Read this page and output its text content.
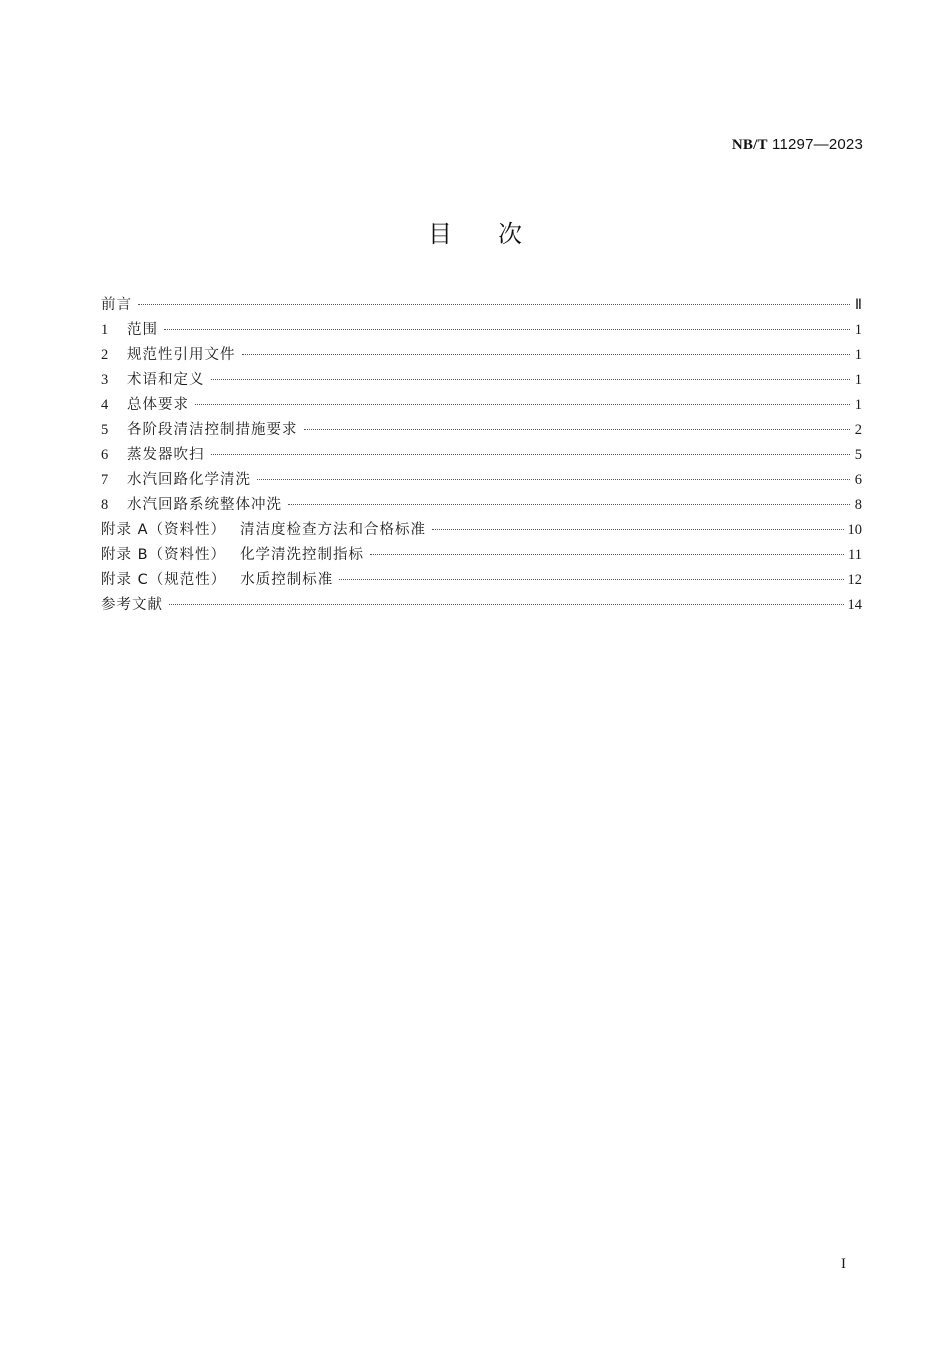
NB/T 11297—2023
目次
前言	Ⅱ
1	范围	1
2	规范性引用文件	1
3	术语和定义	1
4	总体要求	1
5	各阶段清洁控制措施要求	2
6	蒸发器吹扫	5
7	水汽回路化学清洗	6
8	水汽回路系统整体冲洗	8
附录 A（资料性） 清洁度检查方法和合格标准	10
附录 B（资料性） 化学清洗控制指标	11
附录 C（规范性） 水质控制标准	12
参考文献	14
I
